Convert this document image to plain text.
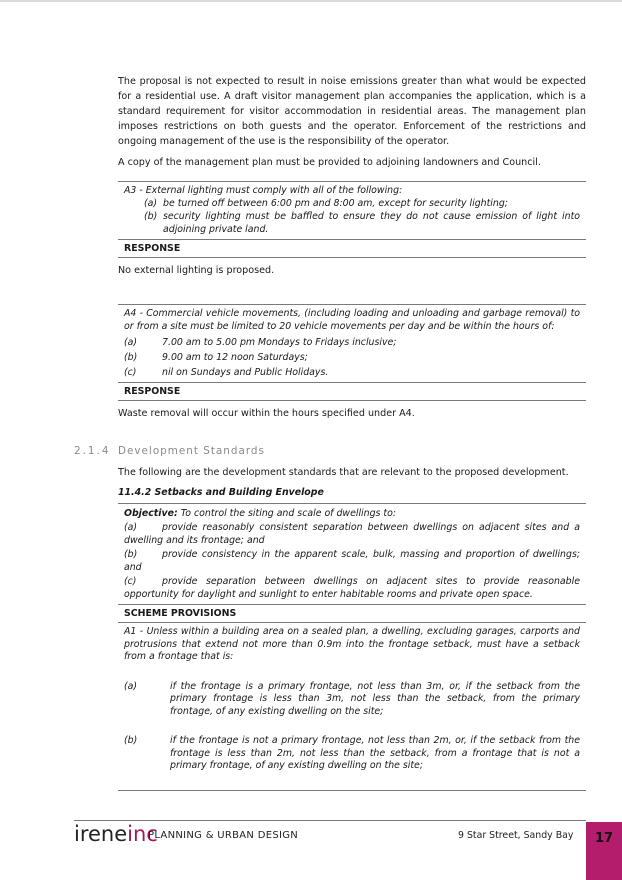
The proposal is not expected to result in noise emissions greater than what would be expected for a residential use. A draft visitor management plan accompanies the application, which is a standard requirement for visitor accommodation in residential areas. The management plan imposes restrictions on both guests and the operator. Enforcement of the restrictions and ongoing management of the use is the responsibility of the operator.

A copy of the management plan must be provided to adjoining landowners and Council.

A3 - External lighting must comply with all of the following:
(a) be turned off between 6:00 pm and 8:00 am, except for security lighting;
(b) security lighting must be baffled to ensure they do not cause emission of light into adjoining private land.
RESPONSE

No external lighting is proposed.

A4 - Commercial vehicle movements, (including loading and unloading and garbage removal) to or from a site must be limited to 20 vehicle movements per day and be within the hours of:
(a)	7.00 am to 5.00 pm Mondays to Fridays inclusive;
(b)	9.00 am to 12 noon Saturdays;
(c)	nil on Sundays and Public Holidays.
RESPONSE

Waste removal will occur within the hours specified under A4.

2.1.4 Development Standards

The following are the development standards that are relevant to the proposed development.

11.4.2 Setbacks and Building Envelope
Objective: To control the siting and scale of dwellings to:
(a)	provide reasonably consistent separation between dwellings on adjacent sites and a dwelling and its frontage; and
(b)	provide consistency in the apparent scale, bulk, massing and proportion of dwellings; and
(c)	provide separation between dwellings on adjacent sites to provide reasonable opportunity for daylight and sunlight to enter habitable rooms and private open space.
SCHEME PROVISIONS
A1 - Unless within a building area on a sealed plan, a dwelling, excluding garages, carports and protrusions that extend not more than 0.9m into the frontage setback, must have a setback from a frontage that is:
(a)	if the frontage is a primary frontage, not less than 3m, or, if the setback from the primary frontage is less than 3m, not less than the setback, from the primary frontage, of any existing dwelling on the site;
(b)	if the frontage is not a primary frontage, not less than 2m, or, if the setback from the frontage is less than 2m, not less than the setback, from a frontage that is not a primary frontage, of any existing dwelling on the site;
ireneinc
PLANNING & URBAN DESIGN	9 Star Street, Sandy Bay	17
